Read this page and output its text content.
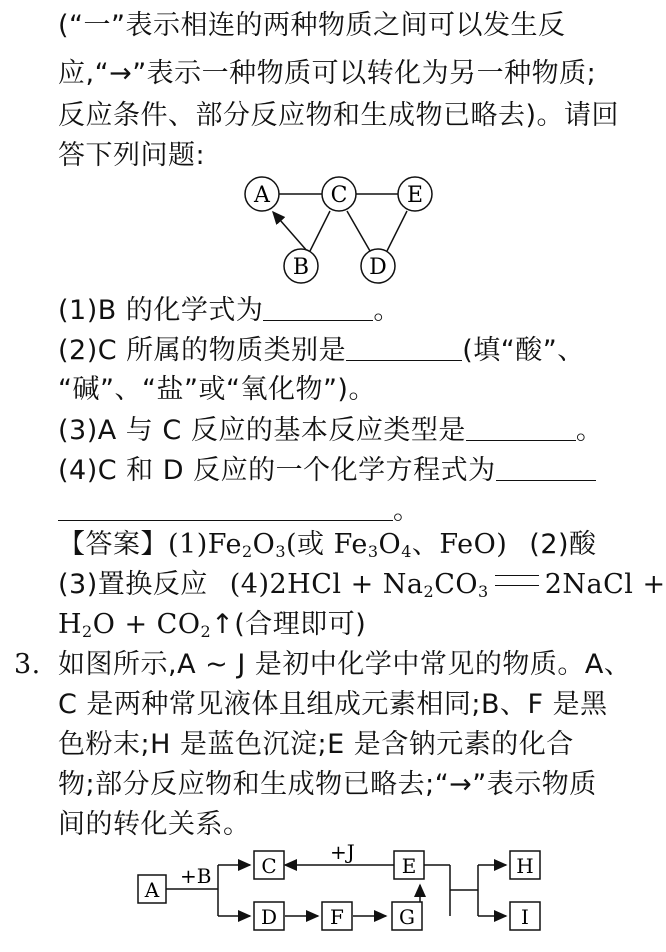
(“一”表示相连的两种物质之间可以发生反
应,“→”表示一种物质可以转化为另一种物质;
反应条件、部分反应物和生成物已略去)。请回
答下列问题:
A	C	E
B	D
(1)B 的化学式为	。
(2)C 所属的物质类别是	(填“酸”、
“碱”、“盐”或“氧化物”)。
(3)A 与 C 反应的基本反应类型是	。
(4)C 和 D 反应的一个化学方程式为
。
【答案】$(1)Fe_2O_3$(或 $Fe_3O_4$、FeO) (2)酸
(3)置换反应 $(4)2HCl + Na_2CO_3$ 2NaCl +
$H_2O$ + $CO_2↑$(合理即可)
3. 如图所示,A ~ J 是初中化学中常见的物质。A、
C 是两种常见液体且组成元素相同;B、F 是黑
色粉末;H 是蓝色沉淀;E 是含钠元素的化合
物;部分反应物和生成物已略去;“→”表示物质
间的转化关系。
A
C
D	F	G
E	H
I
+B
+J
